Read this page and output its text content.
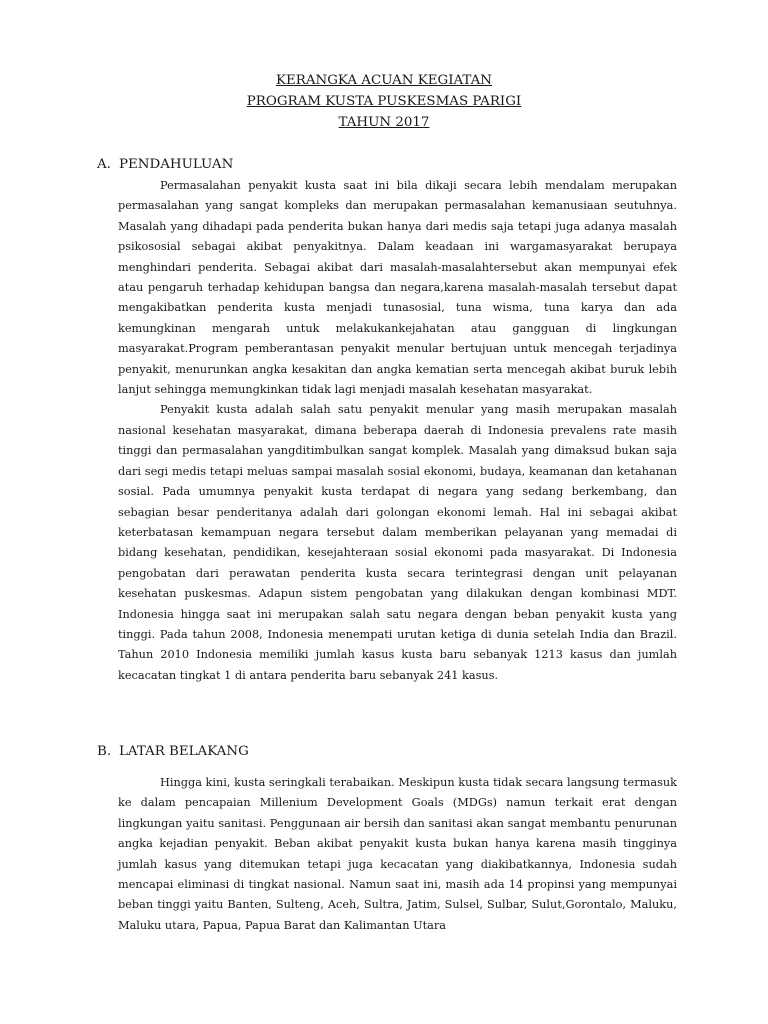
KERANGKA ACUAN KEGIATAN
PROGRAM KUSTA PUSKESMAS PARIGI
TAHUN 2017
A. PENDAHULUAN

Permasalahan penyakit kusta saat ini bila dikaji secara lebih mendalam merupakan permasalahan yang sangat kompleks dan merupakan permasalahan kemanusiaan seutuhnya. Masalah yang dihadapi pada penderita bukan hanya dari medis saja tetapi juga adanya masalah psikososial sebagai akibat penyakitnya. Dalam keadaan ini wargamasyarakat berupaya menghindari penderita. Sebagai akibat dari masalah-masalahtersebut akan mempunyai efek atau pengaruh terhadap kehidupan bangsa dan negara,karena masalah-masalah tersebut dapat mengakibatkan penderita kusta menjadi tunasosial, tuna wisma, tuna karya dan ada kemungkinan mengarah untuk melakukankejahatan atau gangguan di lingkungan masyarakat.Program pemberantasan penyakit menular bertujuan untuk mencegah terjadinya penyakit, menurunkan angka kesakitan dan angka kematian serta mencegah akibat buruk lebih lanjut sehingga memungkinkan tidak lagi menjadi masalah kesehatan masyarakat.

Penyakit kusta adalah salah satu penyakit menular yang masih merupakan masalah nasional kesehatan masyarakat, dimana beberapa daerah di Indonesia prevalens rate masih tinggi dan permasalahan yangditimbulkan sangat komplek. Masalah yang dimaksud bukan saja dari segi medis tetapi meluas sampai masalah sosial ekonomi, budaya, keamanan dan ketahanan sosial. Pada umumnya penyakit kusta terdapat di negara yang sedang berkembang, dan sebagian besar penderitanya adalah dari golongan ekonomi lemah. Hal ini sebagai akibat keterbatasan kemampuan negara tersebut dalam memberikan pelayanan yang memadai di bidang kesehatan, pendidikan, kesejahteraan sosial ekonomi pada masyarakat. Di Indonesia pengobatan dari perawatan penderita kusta secara terintegrasi dengan unit pelayanan kesehatan puskesmas. Adapun sistem pengobatan yang dilakukan dengan kombinasi MDT. Indonesia hingga saat ini merupakan salah satu negara dengan beban penyakit kusta yang tinggi. Pada tahun 2008, Indonesia menempati urutan ketiga di dunia setelah India dan Brazil. Tahun 2010 Indonesia memiliki jumlah kasus kusta baru sebanyak 1213 kasus dan jumlah kecacatan tingkat 1 di antara penderita baru sebanyak 241 kasus.

B. LATAR BELAKANG

Hingga kini, kusta seringkali terabaikan. Meskipun kusta tidak secara langsung termasuk ke dalam pencapaian Millenium Development Goals (MDGs) namun terkait erat dengan lingkungan yaitu sanitasi. Penggunaan air bersih dan sanitasi akan sangat membantu penurunan angka kejadian penyakit. Beban akibat penyakit kusta bukan hanya karena masih tingginya jumlah kasus yang ditemukan tetapi juga kecacatan yang diakibatkannya, Indonesia sudah mencapai eliminasi di tingkat nasional. Namun saat ini, masih ada 14 propinsi yang mempunyai beban tinggi yaitu Banten, Sulteng, Aceh, Sultra, Jatim, Sulsel, Sulbar, Sulut,Gorontalo, Maluku, Maluku utara, Papua, Papua Barat dan Kalimantan Utara
